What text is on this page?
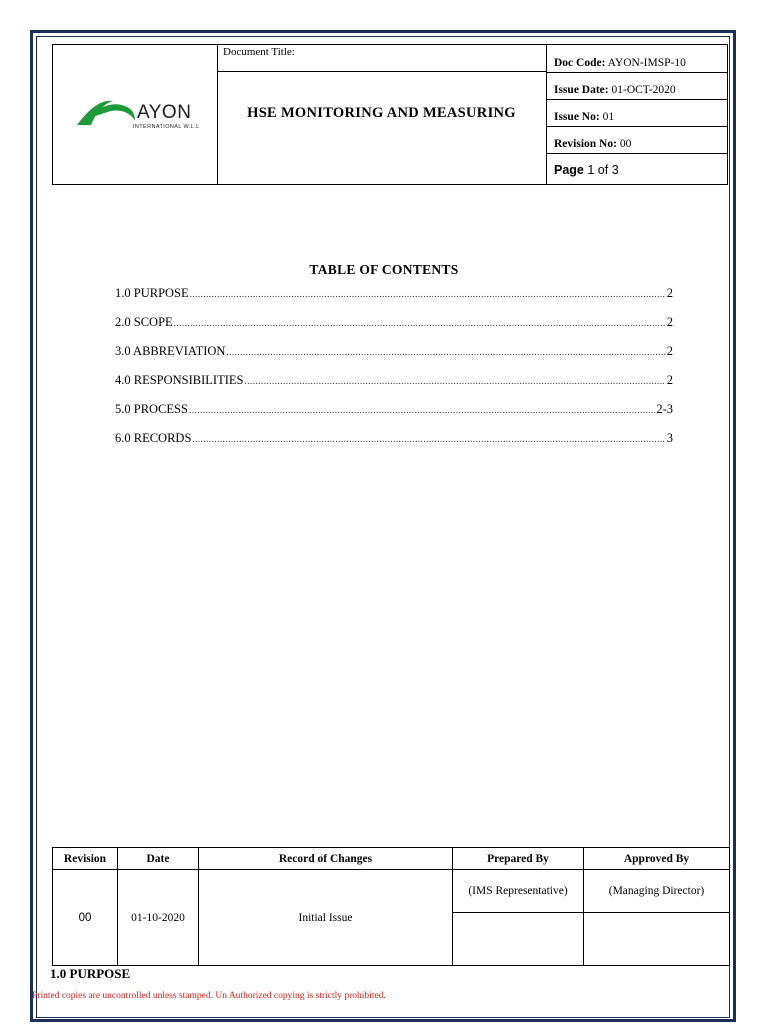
AYON
INTERNATIONAL W.L.L
Document Title:
HSE MONITORING AND MEASURING
Doc Code: AYON-IMSP-10
Issue Date: 01-OCT-2020
Issue No: 01
Revision No: 00
Page 1 of 3
TABLE OF CONTENTS
1.0 PURPOSE .....	2
2.0 SCOPE .....	2
3.0 ABBREVIATION .....	2
4.0 RESPONSIBILITIES .....	2
5.0 PROCESS .....	2-3
6.0 RECORDS .....	3
Revision	Date	Record of Changes	Prepared By	Approved By
00	01-10-2020	Initial Issue	(IMS Representative)	(Managing Director)

1.0 PURPOSE
Printed copies are uncontrolled unless stamped. Un Authorized copying is strictly prohibited.
